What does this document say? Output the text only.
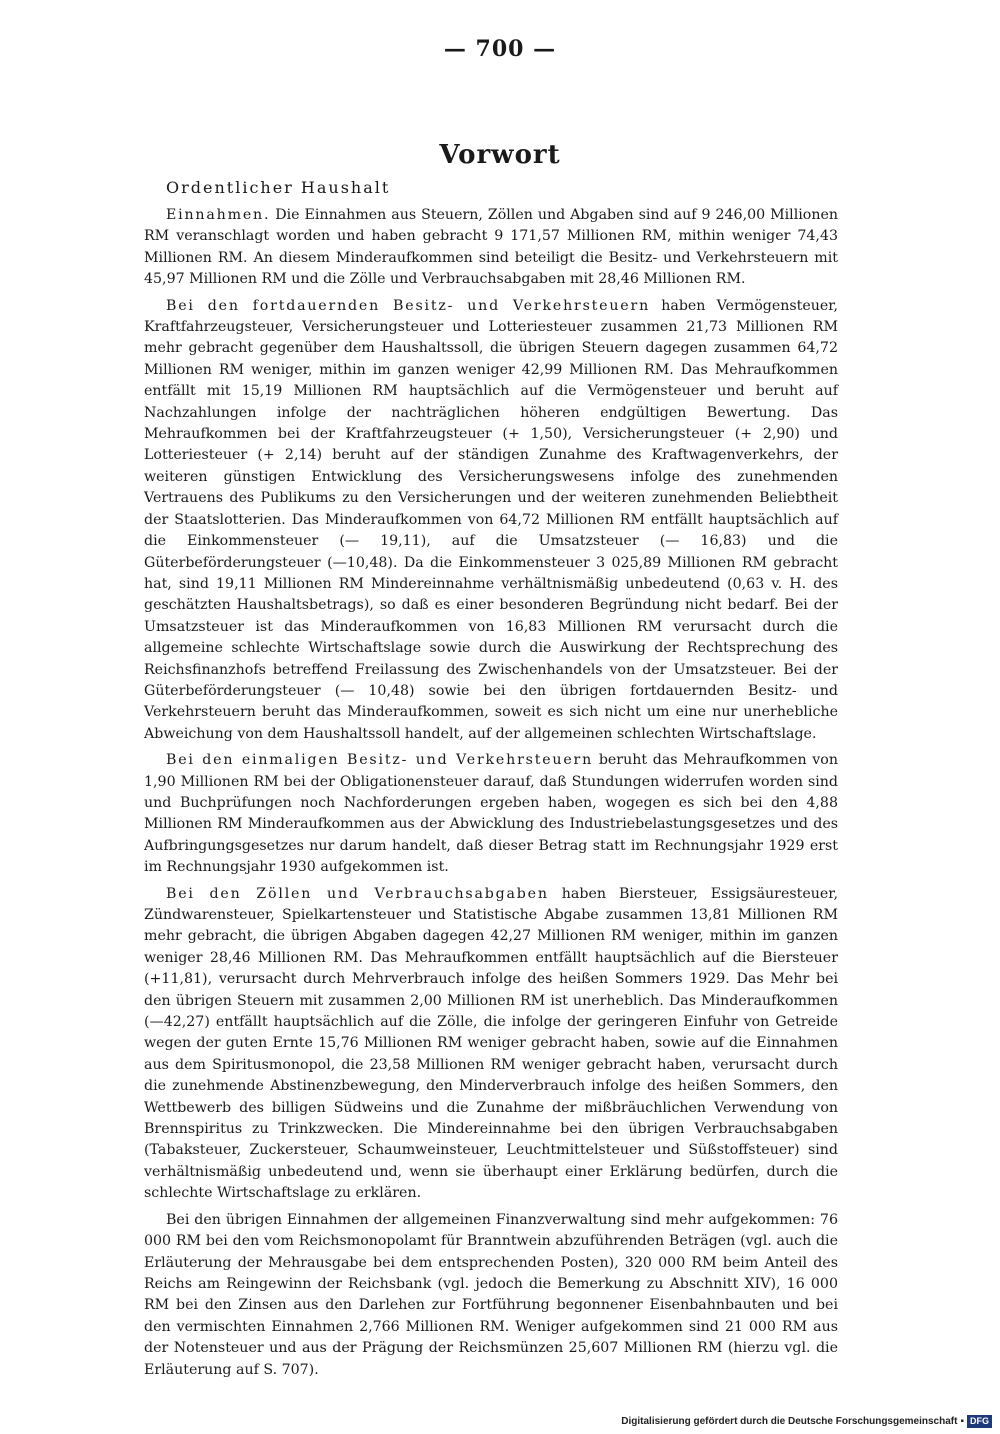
— 700 —
Vorwort
Ordentlicher Haushalt

Einnahmen. Die Einnahmen aus Steuern, Zöllen und Abgaben sind auf 9 246,00 Millionen RM veranschlagt worden und haben gebracht 9 171,57 Millionen RM, mithin weniger 74,43 Millionen RM. An diesem Minderaufkommen sind beteiligt die Besitz- und Verkehrsteuern mit 45,97 Millionen RM und die Zölle und Verbrauchsabgaben mit 28,46 Millionen RM.

Bei den fortdauernden Besitz- und Verkehrsteuern haben Vermögensteuer, Kraftfahrzeugsteuer, Versicherungsteuer und Lotteriesteuer zusammen 21,73 Millionen RM mehr gebracht gegenüber dem Haushaltssoll, die übrigen Steuern dagegen zusammen 64,72 Millionen RM weniger, mithin im ganzen weniger 42,99 Millionen RM. Das Mehraufkommen entfällt mit 15,19 Millionen RM hauptsächlich auf die Vermögensteuer und beruht auf Nachzahlungen infolge der nachträglichen höheren endgültigen Bewertung. Das Mehraufkommen bei der Kraftfahrzeugsteuer (+ 1,50), Versicherungsteuer (+ 2,90) und Lotteriesteuer (+ 2,14) beruht auf der ständigen Zunahme des Kraftwagenverkehrs, der weiteren günstigen Entwicklung des Versicherungswesens infolge des zunehmenden Vertrauens des Publikums zu den Versicherungen und der weiteren zunehmenden Beliebtheit der Staatslotterien. Das Minderaufkommen von 64,72 Millionen RM entfällt hauptsächlich auf die Einkommensteuer (— 19,11), auf die Umsatzsteuer (— 16,83) und die Güterbeförderungsteuer (—10,48). Da die Einkommensteuer 3 025,89 Millionen RM gebracht hat, sind 19,11 Millionen RM Mindereinnahme verhältnismäßig unbedeutend (0,63 v. H. des geschätzten Haushaltsbetrags), so daß es einer besonderen Begründung nicht bedarf. Bei der Umsatzsteuer ist das Minderaufkommen von 16,83 Millionen RM verursacht durch die allgemeine schlechte Wirtschaftslage sowie durch die Auswirkung der Rechtsprechung des Reichsfinanzhofs betreffend Freilassung des Zwischenhandels von der Umsatzsteuer. Bei der Güterbeförderungsteuer (— 10,48) sowie bei den übrigen fortdauernden Besitz- und Verkehrsteuern beruht das Minderaufkommen, soweit es sich nicht um eine nur unerhebliche Abweichung von dem Haushaltssoll handelt, auf der allgemeinen schlechten Wirtschaftslage.

Bei den einmaligen Besitz- und Verkehrsteuern beruht das Mehraufkommen von 1,90 Millionen RM bei der Obligationensteuer darauf, daß Stundungen widerrufen worden sind und Buchprüfungen noch Nachforderungen ergeben haben, wogegen es sich bei den 4,88 Millionen RM Minderaufkommen aus der Abwicklung des Industriebelastungsgesetzes und des Aufbringungsgesetzes nur darum handelt, daß dieser Betrag statt im Rechnungsjahr 1929 erst im Rechnungsjahr 1930 aufgekommen ist.

Bei den Zöllen und Verbrauchsabgaben haben Biersteuer, Essigsäuresteuer, Zündwarensteuer, Spielkartensteuer und Statistische Abgabe zusammen 13,81 Millionen RM mehr gebracht, die übrigen Abgaben dagegen 42,27 Millionen RM weniger, mithin im ganzen weniger 28,46 Millionen RM. Das Mehraufkommen entfällt hauptsächlich auf die Biersteuer (+11,81), verursacht durch Mehrverbrauch infolge des heißen Sommers 1929. Das Mehr bei den übrigen Steuern mit zusammen 2,00 Millionen RM ist unerheblich. Das Minderaufkommen (—42,27) entfällt hauptsächlich auf die Zölle, die infolge der geringeren Einfuhr von Getreide wegen der guten Ernte 15,76 Millionen RM weniger gebracht haben, sowie auf die Einnahmen aus dem Spiritusmonopol, die 23,58 Millionen RM weniger gebracht haben, verursacht durch die zunehmende Abstinenzbewegung, den Minderverbrauch infolge des heißen Sommers, den Wettbewerb des billigen Südweins und die Zunahme der mißbräuchlichen Verwendung von Brennspiritus zu Trinkzwecken. Die Mindereinnahme bei den übrigen Verbrauchsabgaben (Tabaksteuer, Zuckersteuer, Schaumweinsteuer, Leuchtmittelsteuer und Süßstoffsteuer) sind verhältnismäßig unbedeutend und, wenn sie überhaupt einer Erklärung bedürfen, durch die schlechte Wirtschaftslage zu erklären.

Bei den übrigen Einnahmen der allgemeinen Finanzverwaltung sind mehr aufgekommen: 76 000 RM bei den vom Reichsmonopolamt für Branntwein abzuführenden Beträgen (vgl. auch die Erläuterung der Mehrausgabe bei dem entsprechenden Posten), 320 000 RM beim Anteil des Reichs am Reingewinn der Reichsbank (vgl. jedoch die Bemerkung zu Abschnitt XIV), 16 000 RM bei den Zinsen aus den Darlehen zur Fortführung begonnener Eisenbahnbauten und bei den vermischten Einnahmen 2,766 Millionen RM. Weniger aufgekommen sind 21 000 RM aus der Notensteuer und aus der Prägung der Reichsmünzen 25,607 Millionen RM (hierzu vgl. die Erläuterung auf S. 707).

Digitalisierung gefördert durch die Deutsche Forschungsgemeinschaft ▪ DFG
